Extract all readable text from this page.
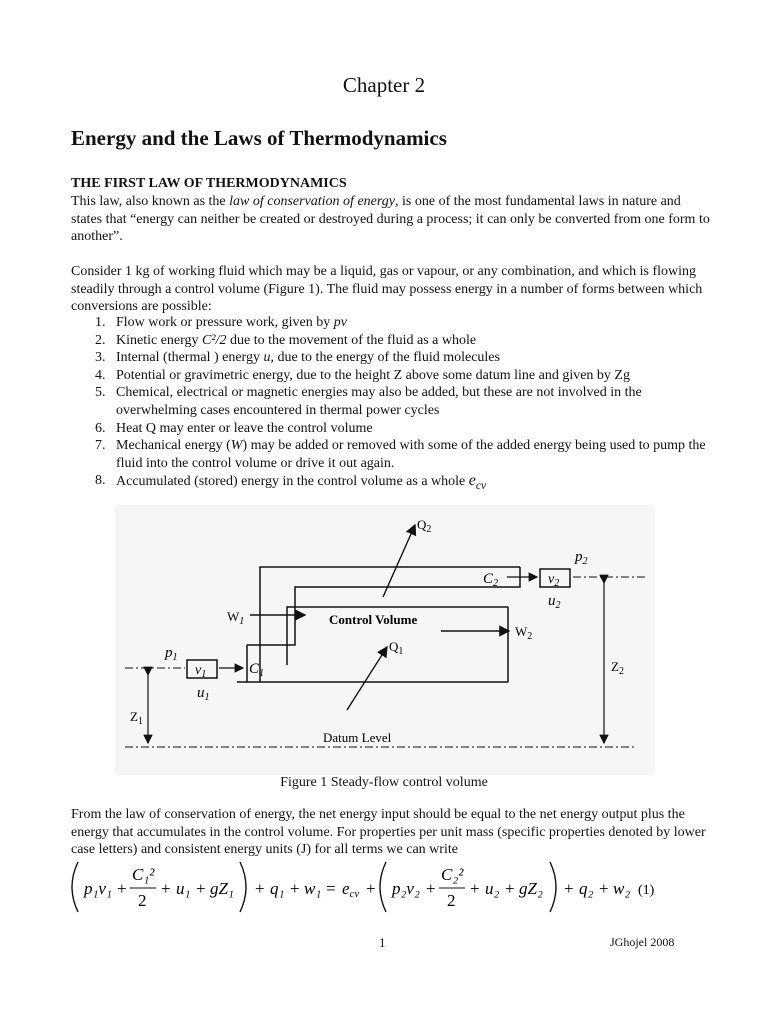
Chapter 2
Energy and the Laws of Thermodynamics
THE FIRST LAW OF THERMODYNAMICS
This law, also known as the law of conservation of energy, is one of the most fundamental laws in nature and states that “energy can neither be created or destroyed during a process; it can only be converted from one form to another”.
Consider 1 kg of working fluid which may be a liquid, gas or vapour, or any combination, and which is flowing steadily through a control volume (Figure 1). The fluid may possess energy in a number of forms between which conversions are possible:
1. Flow work or pressure work, given by pv
2. Kinetic energy C²/2 due to the movement of the fluid as a whole
3. Internal (thermal ) energy u, due to the energy of the fluid molecules
4. Potential or gravimetric energy, due to the height Z above some datum line and given by Zg
5. Chemical, electrical or magnetic energies may also be added, but these are not involved in the overwhelming cases encountered in thermal power cycles
6. Heat Q may enter or leave the control volume
7. Mechanical energy (W) may be added or removed with some of the added energy being used to pump the fluid into the control volume or drive it out again.
8. Accumulated (stored) energy in the control volume as a whole $e_{cv}$
$v_1$
$v_2$
$p_1$
$u_1$
$C_1$
$p_2$
$u_2$
$C_2$
$Q_2$
$Q_1$
$W_1$
$W_2$
Control Volume
$Z_1$
$Z_2$
Datum Level
Figure 1 Steady-flow control volume
From the law of conservation of energy, the net energy input should be equal to the net energy output plus the energy that accumulates in the control volume. For properties per unit mass (specific properties denoted by lower case letters) and consistent energy units (J) for all terms we can write
p₁v₁ +
C₁²
2
+ u₁ + gZ₁ + q₁ + w₁ = ecv + p₂v₂ +
C₂²
2
+ u₂ + gZ₂ + q₂ + w₂ (1)
1	JGhojel 2008
